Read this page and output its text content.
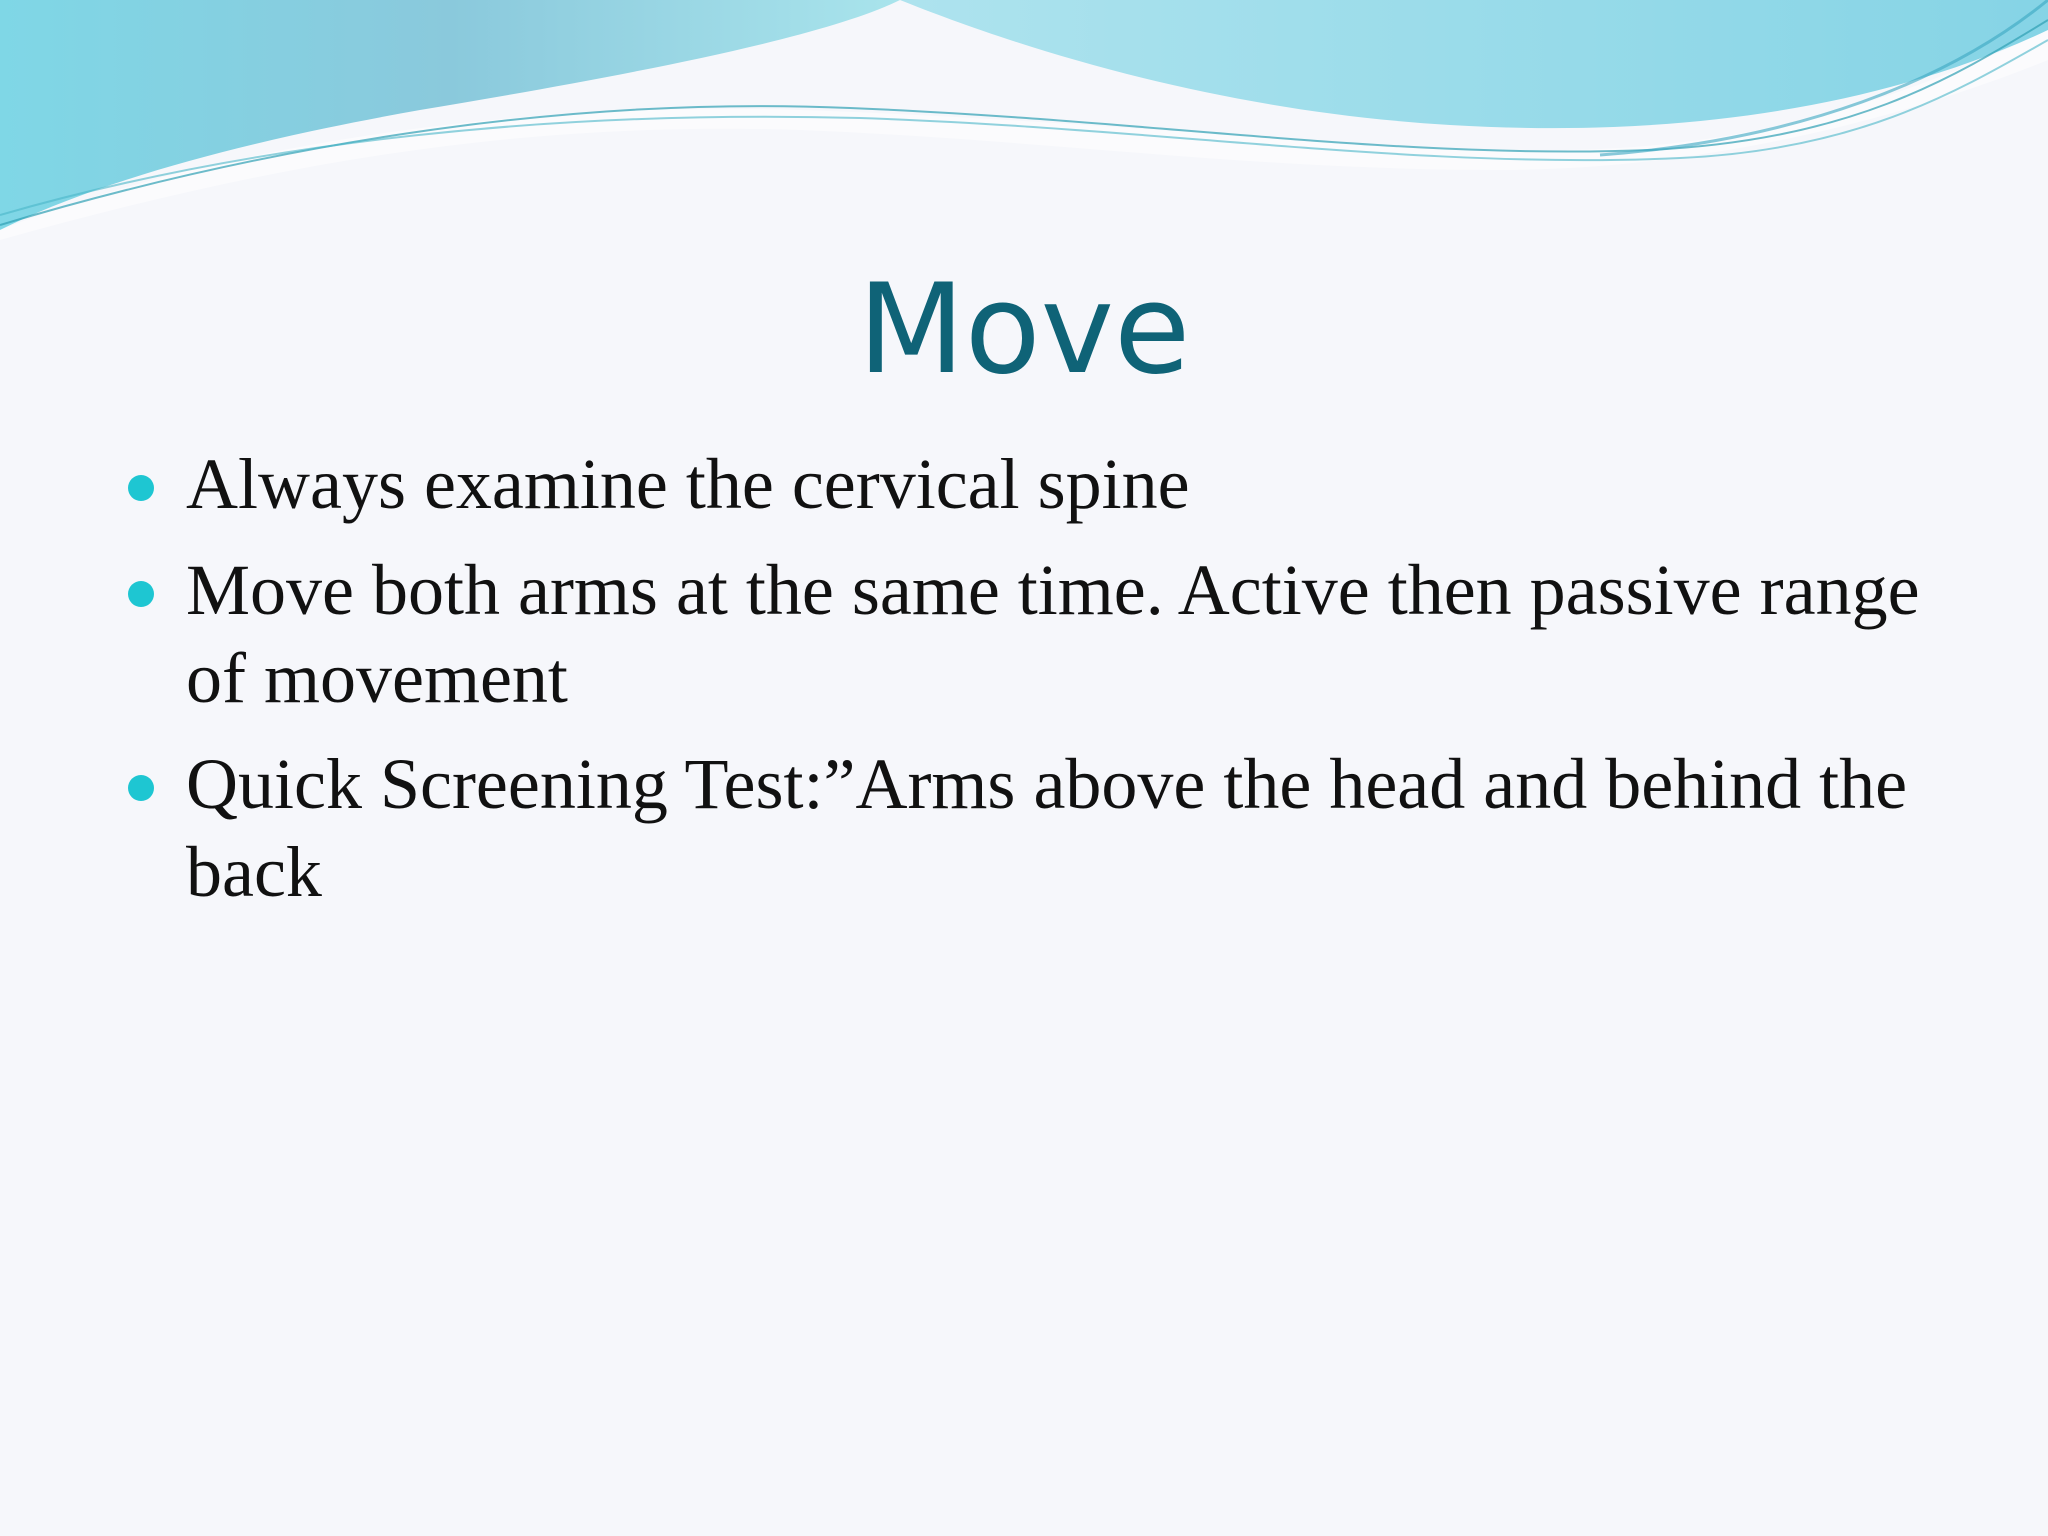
Move
Always examine the cervical spine
Move both arms at the same time. Active then passive range of movement
Quick Screening Test:”Arms above the head and behind the back
